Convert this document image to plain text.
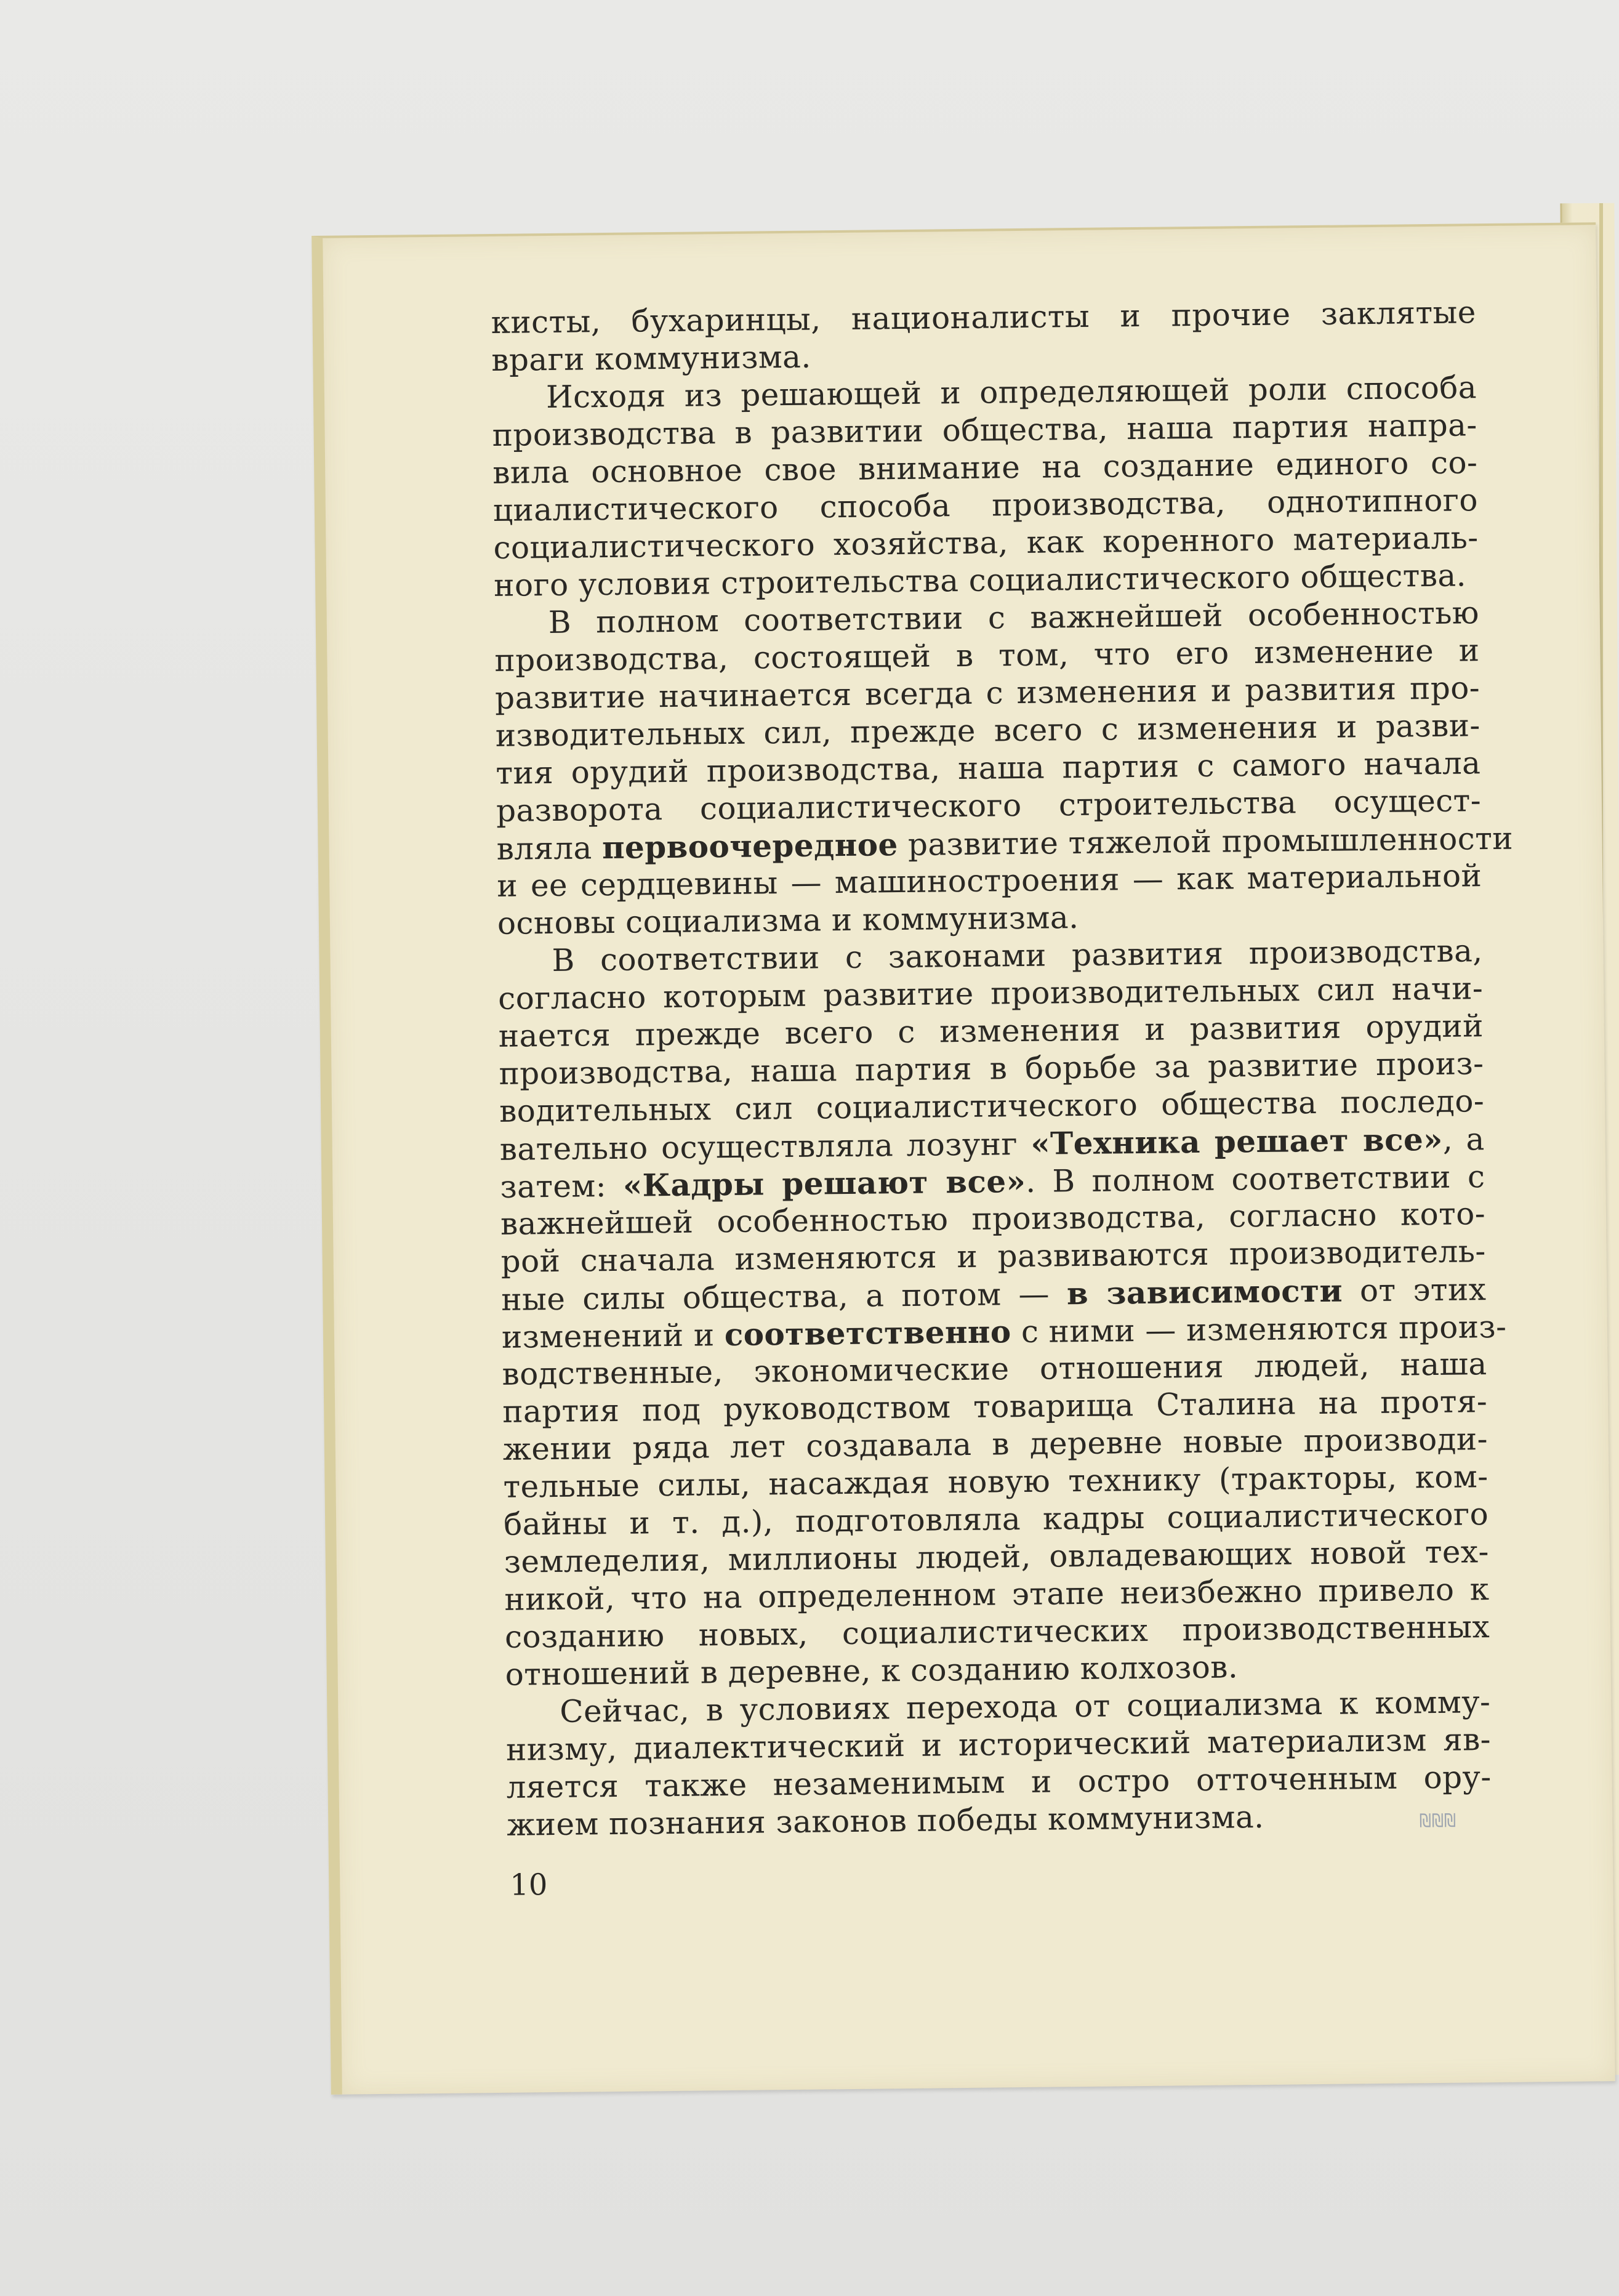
кисты, бухаринцы, националисты и прочие заклятые
враги коммунизма.
Исходя из решающей и определяющей роли способа
производства в развитии общества, наша партия напра-
вила основное свое внимание на создание единого со-
циалистического способа производства, однотипного
социалистического хозяйства, как коренного материаль-
ного условия строительства социалистического общества.
В полном соответствии с важнейшей особенностью
производства, состоящей в том, что его изменение и
развитие начинается всегда с изменения и развития про-
изводительных сил, прежде всего с изменения и разви-
тия орудий производства, наша партия с самого начала
разворота социалистического строительства осущест-
вляла первоочередное развитие тяжелой промышленности
и ее сердцевины — машиностроения — как материальной
основы социализма и коммунизма.
В соответствии с законами развития производства,
согласно которым развитие производительных сил начи-
нается прежде всего с изменения и развития орудий
производства, наша партия в борьбе за развитие произ-
водительных сил социалистического общества последо-
вательно осуществляла лозунг «Техника решает все», а
затем: «Кадры решают все». В полном соответствии с
важнейшей особенностью производства, согласно кото-
рой сначала изменяются и развиваются производитель-
ные силы общества, а потом — в зависимости от этих
изменений и соответственно с ними — изменяются произ-
водственные, экономические отношения людей, наша
партия под руководством товарища Сталина на протя-
жении ряда лет создавала в деревне новые производи-
тельные силы, насаждая новую технику (тракторы, ком-
байны и т. д.), подготовляла кадры социалистического
земледелия, миллионы людей, овладевающих новой тех-
никой, что на определенном этапе неизбежно привело к
созданию новых, социалистических производственных
отношений в деревне, к созданию колхозов.
Сейчас, в условиях перехода от социализма к комму-
низму, диалектический и исторический материализм яв-
ляется также незаменимым и остро отточенным ору-
жием познания законов победы коммунизма.	₪₪₪
10
